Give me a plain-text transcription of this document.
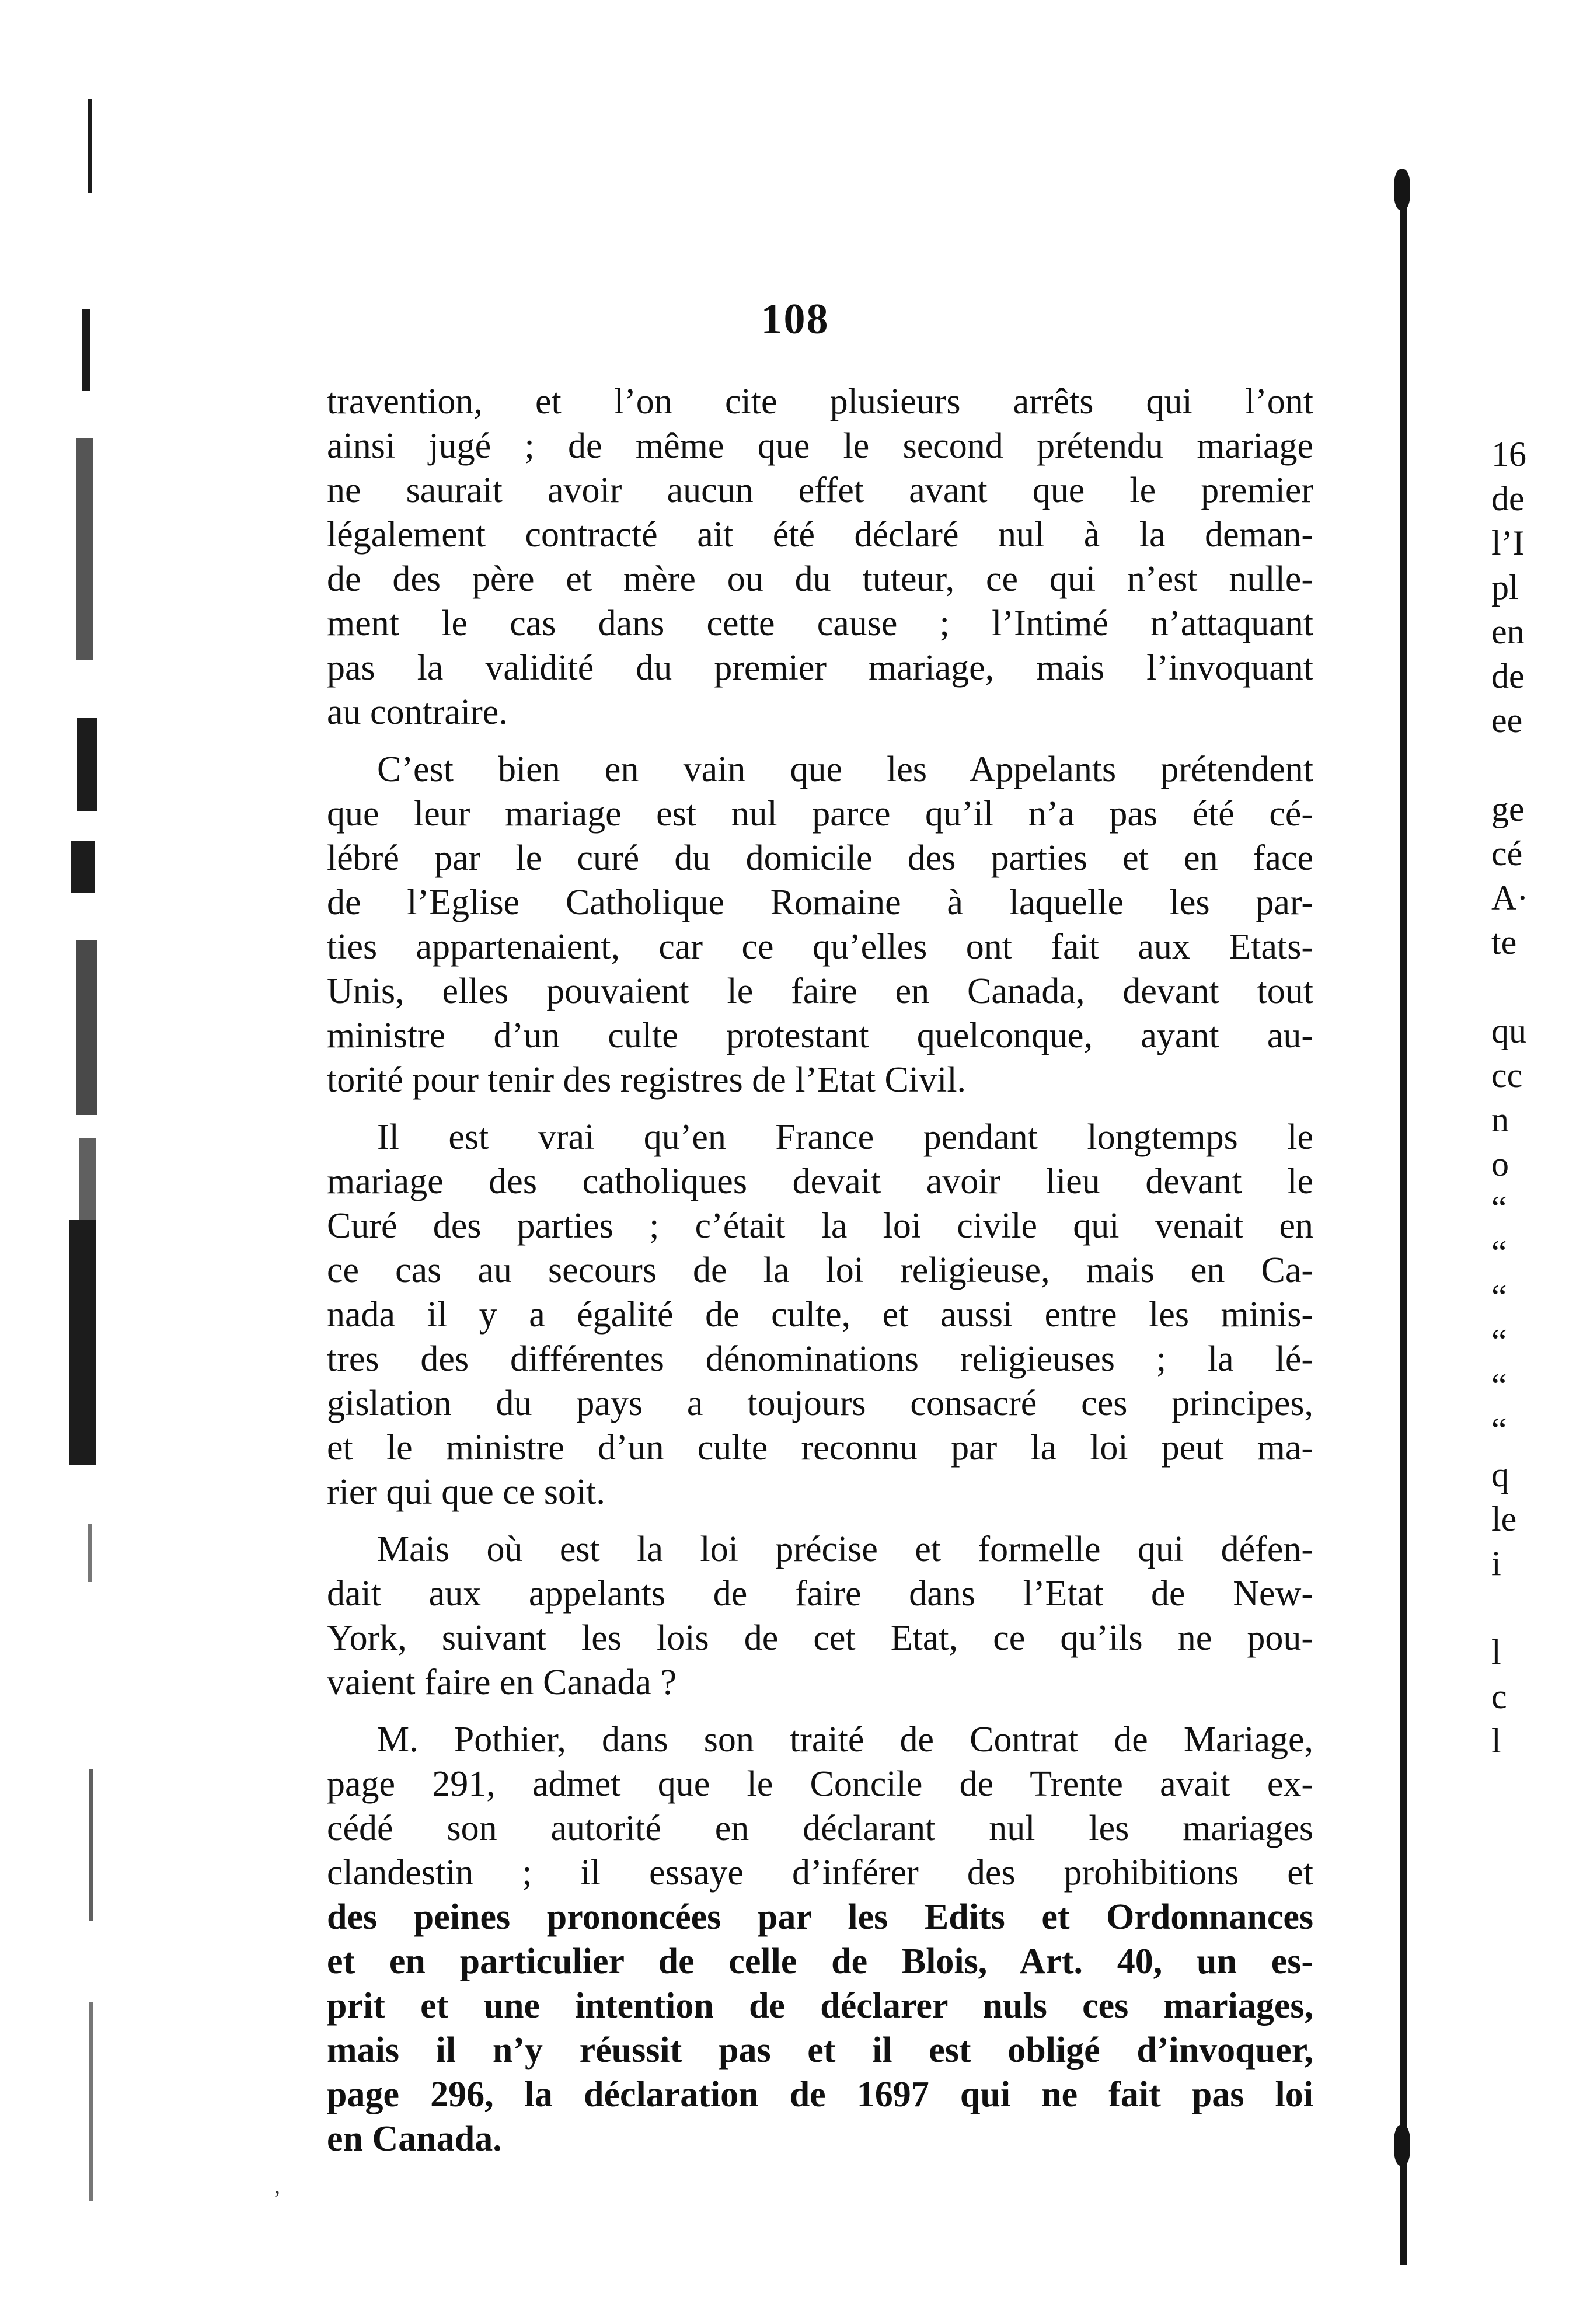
108
travention, et l’on cite plusieurs arrêts qui l’ont
ainsi jugé ; de même que le second prétendu mariage
ne saurait avoir aucun effet avant que le premier
légalement contracté ait été déclaré nul à la deman-
de des père et mère ou du tuteur, ce qui n’est nulle-
ment le cas dans cette cause ; l’Intimé n’attaquant
pas la validité du premier mariage, mais l’invoquant
au contraire.
C’est bien en vain que les Appelants prétendent
que leur mariage est nul parce qu’il n’a pas été cé-
lébré par le curé du domicile des parties et en face
de l’Eglise Catholique Romaine à laquelle les par-
ties appartenaient, car ce qu’elles ont fait aux Etats-
Unis, elles pouvaient le faire en Canada, devant tout
ministre d’un culte protestant quelconque, ayant au-
torité pour tenir des registres de l’Etat Civil.
Il est vrai qu’en France pendant longtemps le
mariage des catholiques devait avoir lieu devant le
Curé des parties ; c’était la loi civile qui venait en
ce cas au secours de la loi religieuse, mais en Ca-
nada il y a égalité de culte, et aussi entre les minis-
tres des différentes dénominations religieuses ; la lé-
gislation du pays a toujours consacré ces principes,
et le ministre d’un culte reconnu par la loi peut ma-
rier qui que ce soit.
Mais où est la loi précise et formelle qui défen-
dait aux appelants de faire dans l’Etat de New-
York, suivant les lois de cet Etat, ce qu’ils ne pou-
vaient faire en Canada ?
M. Pothier, dans son traité de Contrat de Mariage,
page 291, admet que le Concile de Trente avait ex-
cédé son autorité en déclarant nul les mariages
clandestin ; il essaye d’inférer des prohibitions et
des peines prononcées par les Edits et Ordonnances
et en particulier de celle de Blois, Art. 40, un es-
prit et une intention de déclarer nuls ces mariages,
mais il n’y réussit pas et il est obligé d’invoquer,
page 296, la déclaration de 1697 qui ne fait pas loi
en Canada.
16
de
l’I
pl
en
de
ee
ge
cé
A·
te
qu
cc
n
o
“
“
“
“
“
“
q
le
i
l
c
l
,
